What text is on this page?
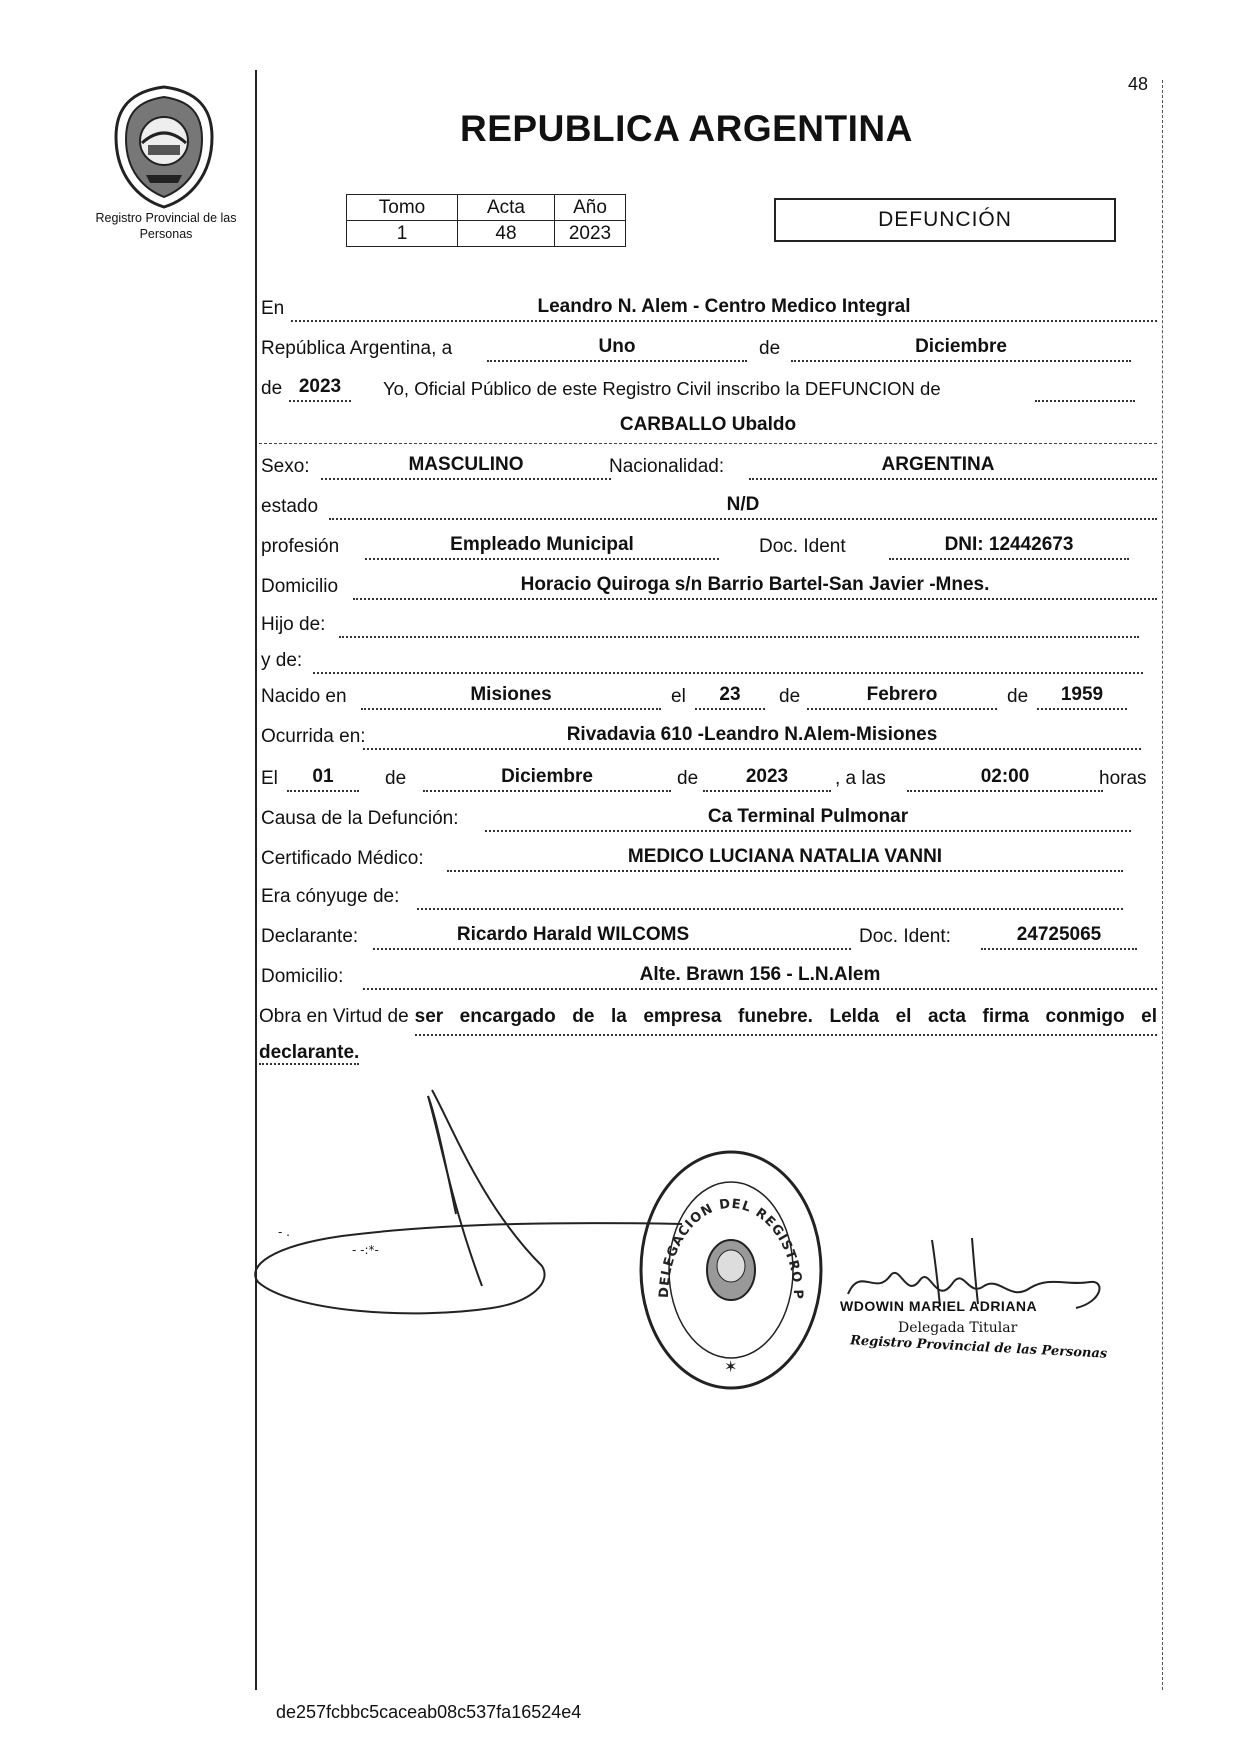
Registro Provincial de las Personas
48
REPUBLICA ARGENTINA
Tomo	Acta	Año
1	48	2023
DEFUNCIÓN
En	Leandro N. Alem - Centro Medico Integral
República Argentina, a	Uno	de	Diciembre
de 2023	Yo, Oficial Público de este Registro Civil inscribo la DEFUNCION de
CARBALLO Ubaldo
Sexo:	MASCULINO	Nacionalidad:	ARGENTINA
estado	N/D
profesión	Empleado Municipal	Doc. Ident	DNI: 12442673
Domicilio	Horacio Quiroga s/n Barrio Bartel-San Javier -Mnes.
Hijo de:
y de:
Nacido en	Misiones	el	23	de	Febrero	de	1959
Ocurrida en:	Rivadavia 610 -Leandro N.Alem-Misiones
El	01	de	Diciembre	de	2023	, a las	02:00	horas
Causa de la Defunción:	Ca Terminal Pulmonar
Certificado Médico:	MEDICO LUCIANA NATALIA VANNI
Era cónyuge de:
Declarante:	Ricardo Harald WILCOMS	Doc. Ident:	24725065
Domicilio:	Alte. Brawn 156 - L.N.Alem
Obra en Virtud de ser encargado de la empresa funebre. Lelda el acta firma conmigo el
declarante.
- .
- -:*-
DELEGACION DEL REGISTRO P
✶
WDOWIN MARIEL ADRIANA
Delegada Titular
Registro Provincial de las Personas
de257fcbbc5caceab08c537fa16524e4
